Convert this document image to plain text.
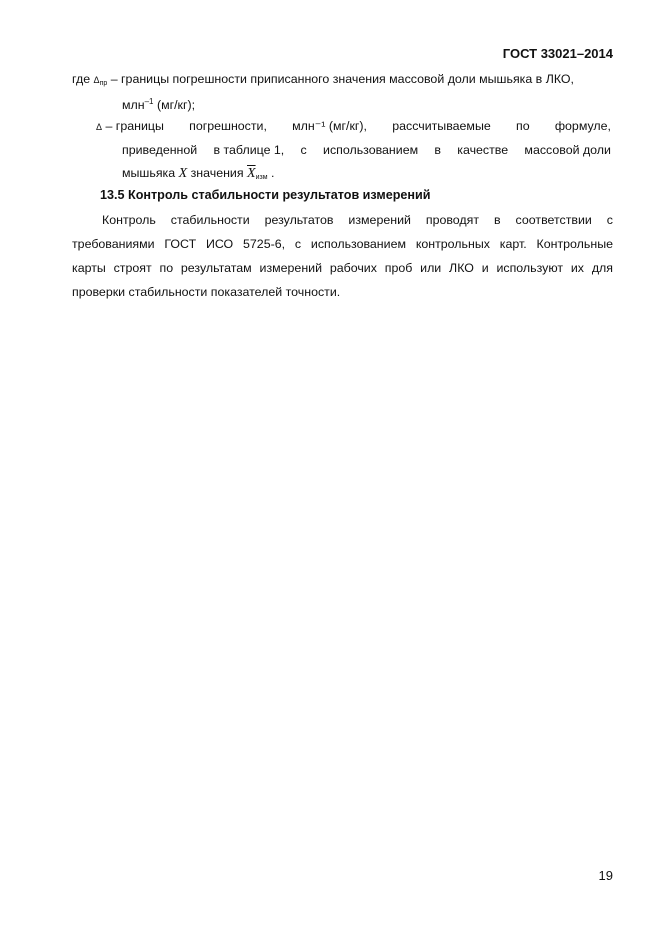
ГОСТ 33021–2014
где $\Delta_{пр}$ – границы погрешности приписанного значения массовой доли мышьяка в ЛКО,
млн$^{-1}$ (мг/кг);
Δ – границы погрешности, млн⁻¹ (мг/кг), рассчитываемые по формуле,
приведенной в таблице 1, с использованием в качестве массовой доли
мышьяка X значения $\overline{X}_{изм}$ .
13.5 Контроль стабильности результатов измерений
Контроль стабильности результатов измерений проводят в соответствии с
требованиями ГОСТ ИСО 5725-6, с использованием контрольных карт. Контрольные
карты строят по результатам измерений рабочих проб или ЛКО и используют их для
проверки стабильности показателей точности.
19
